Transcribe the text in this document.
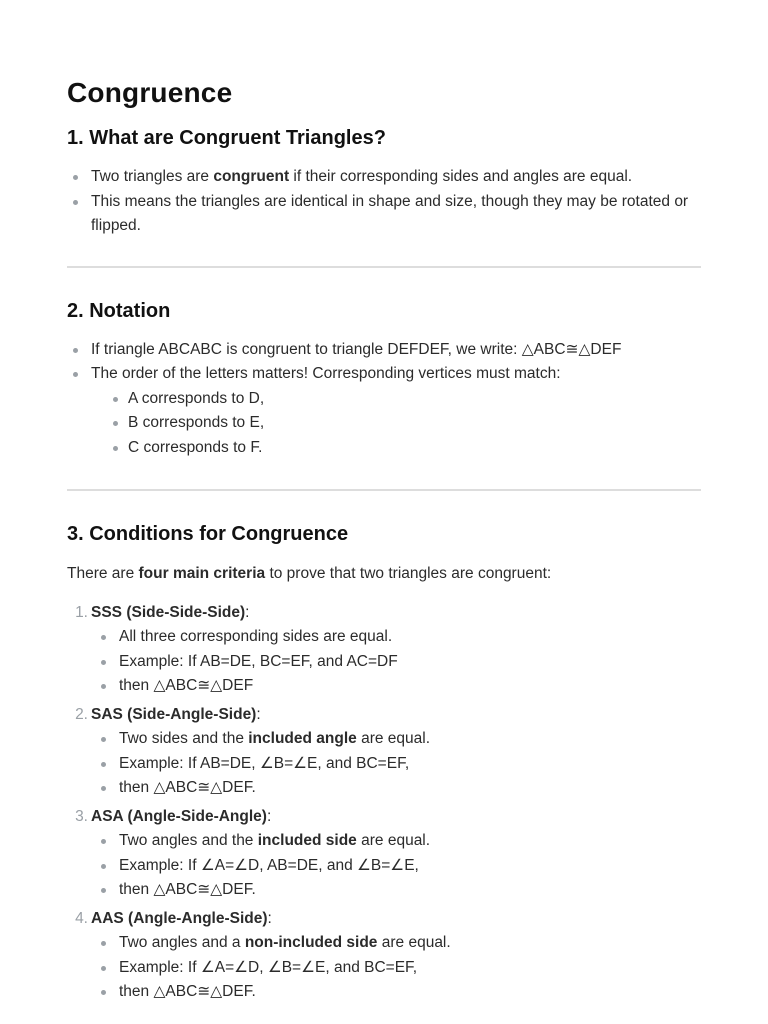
Congruence
1. What are Congruent Triangles?
Two triangles are congruent if their corresponding sides and angles are equal.
This means the triangles are identical in shape and size, though they may be rotated or flipped.
2. Notation
If triangle ABCABC is congruent to triangle DEFDEF, we write: △ABC≅△DEF
The order of the letters matters! Corresponding vertices must match:
A corresponds to D,
B corresponds to E,
C corresponds to F.
3. Conditions for Congruence

There are four main criteria to prove that two triangles are congruent:

1. SSS (Side-Side-Side):
All three corresponding sides are equal.
Example: If AB=DE, BC=EF, and AC=DF
then △ABC≅△DEF
2. SAS (Side-Angle-Side):
Two sides and the included angle are equal.
Example: If AB=DE, ∠B=∠E, and BC=EF,
then △ABC≅△DEF.
3. ASA (Angle-Side-Angle):
Two angles and the included side are equal.
Example: If ∠A=∠D, AB=DE, and ∠B=∠E,
then △ABC≅△DEF.
4. AAS (Angle-Angle-Side):
Two angles and a non-included side are equal.
Example: If ∠A=∠D, ∠B=∠E, and BC=EF,
then △ABC≅△DEF.
